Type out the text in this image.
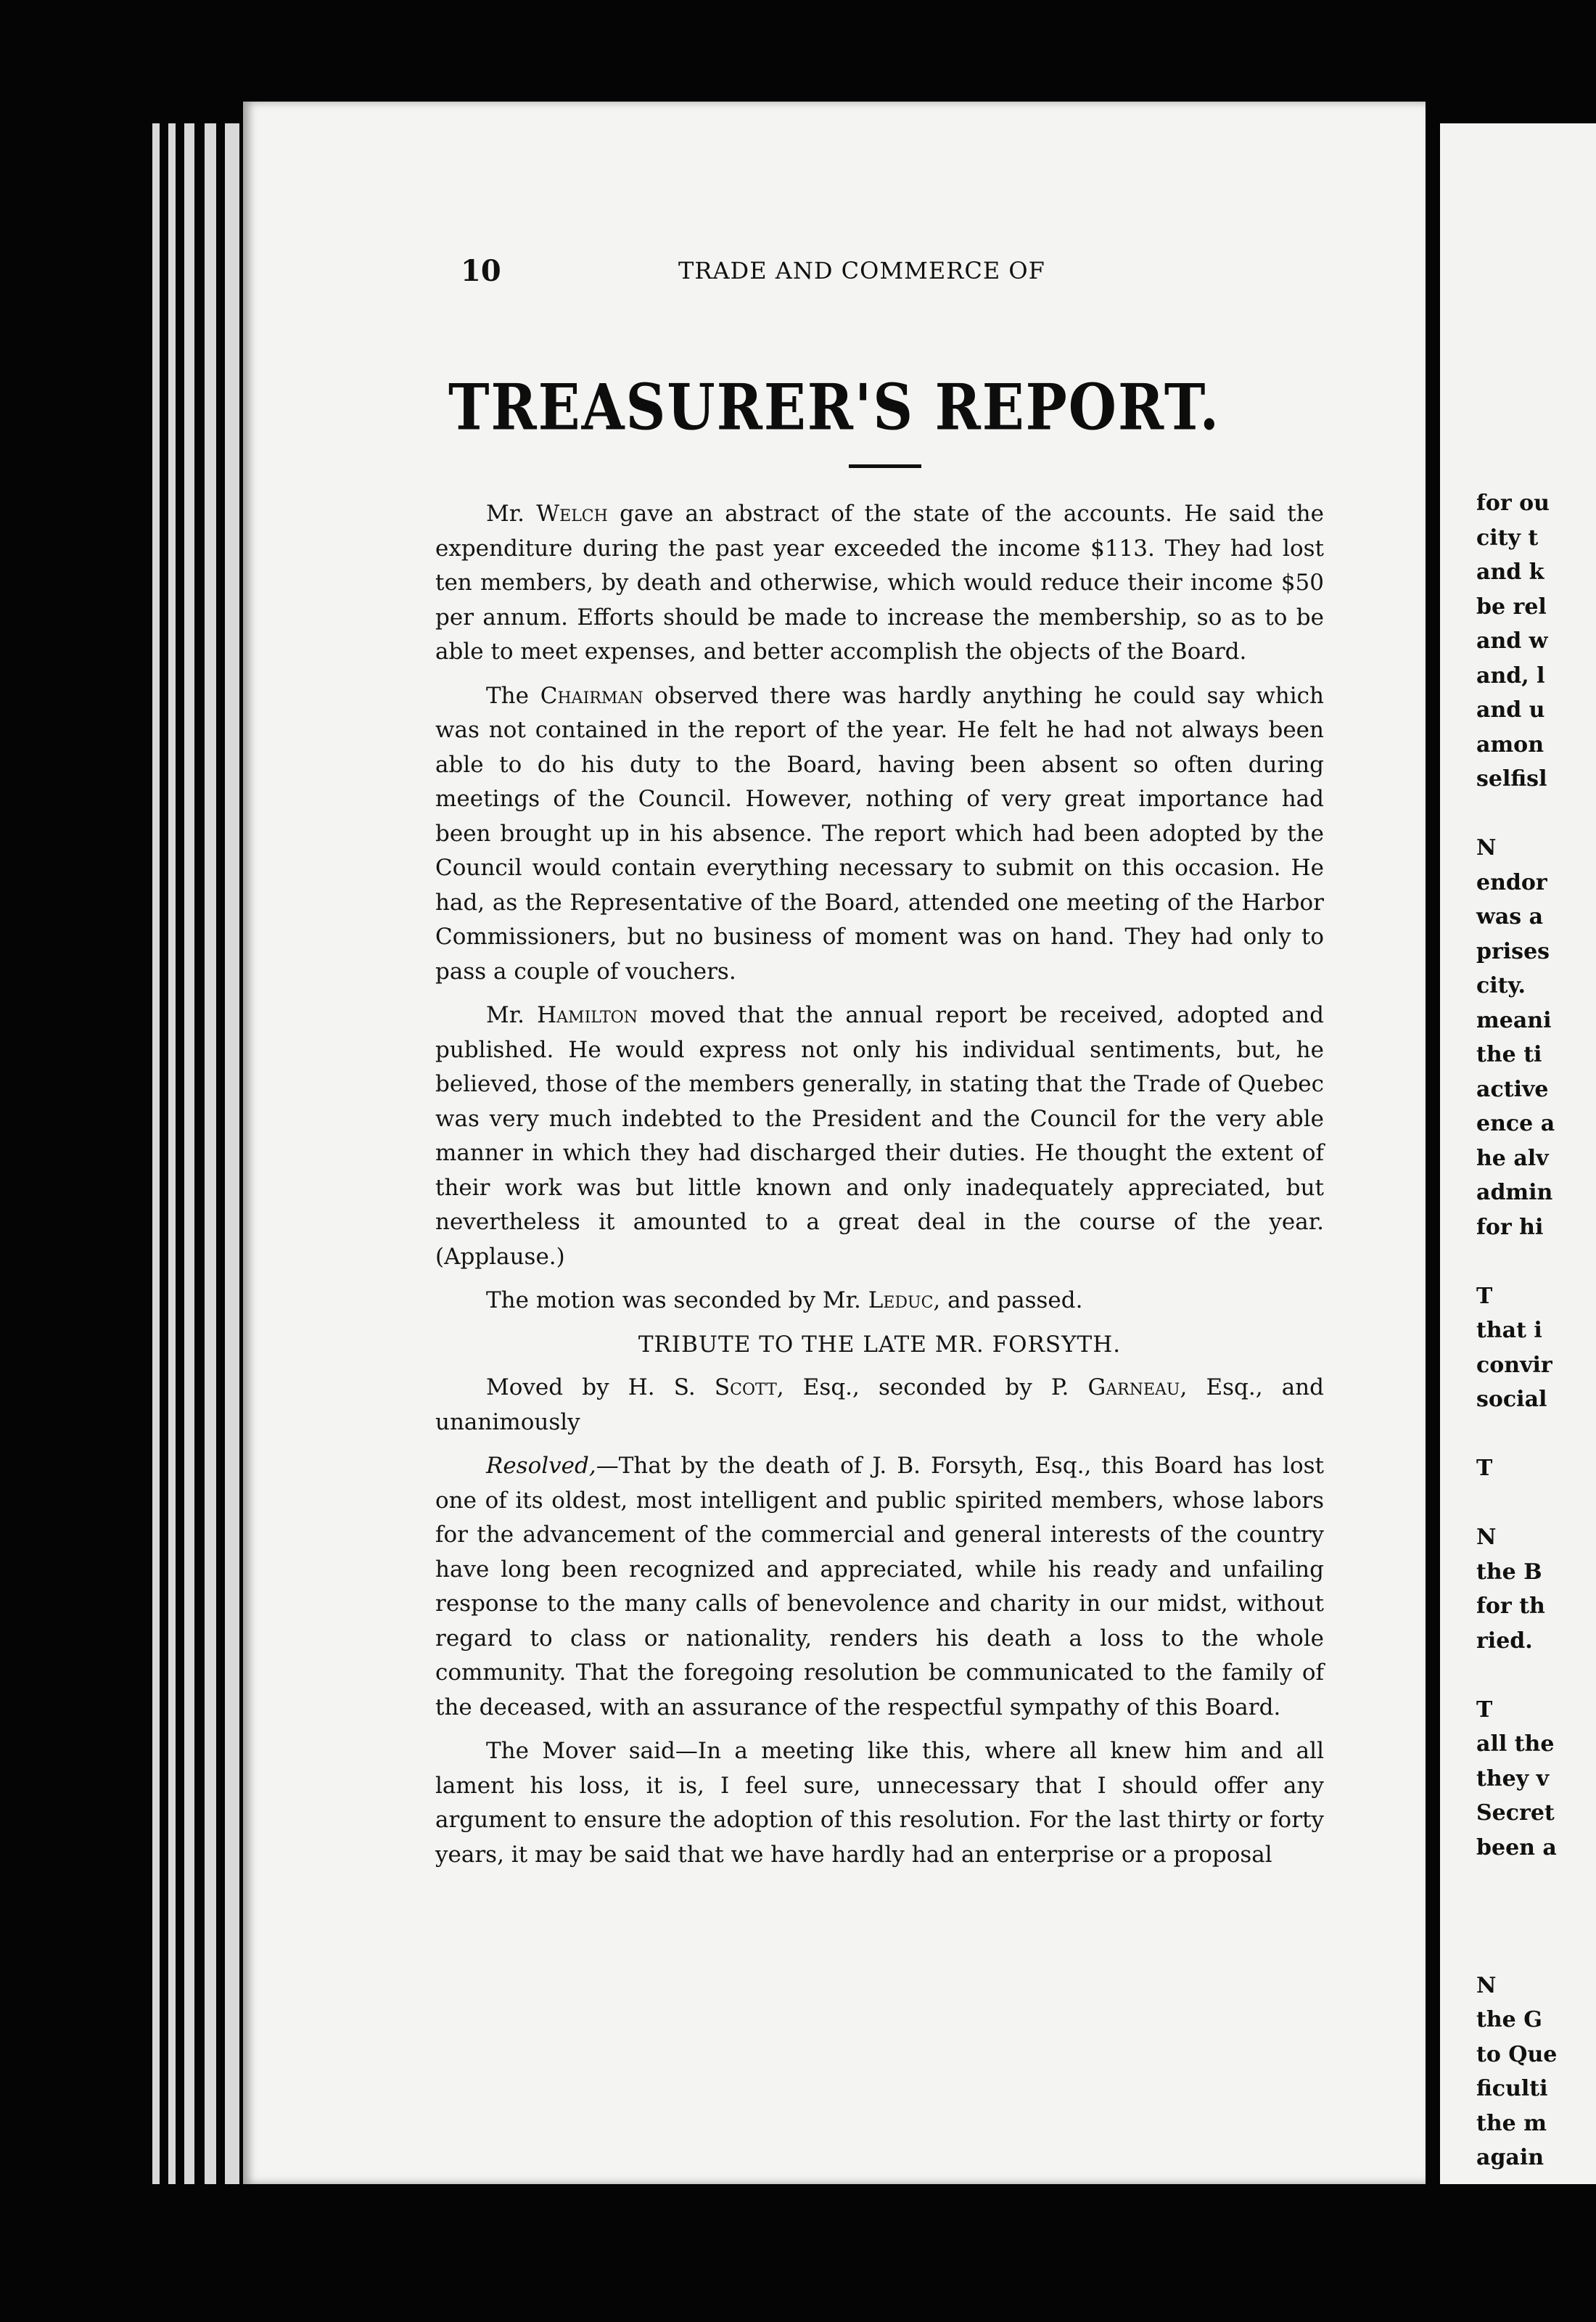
10	TRADE AND COMMERCE OF
TREASURER'S REPORT.

Mr. Welch gave an abstract of the state of the accounts. He said the expenditure during the past year exceeded the income $113. They had lost ten members, by death and otherwise, which would reduce their income $50 per annum. Efforts should be made to increase the membership, so as to be able to meet expenses, and better accomplish the objects of the Board.

The Chairman observed there was hardly anything he could say which was not contained in the report of the year. He felt he had not always been able to do his duty to the Board, having been absent so often during meetings of the Council. However, nothing of very great importance had been brought up in his absence. The report which had been adopted by the Council would contain everything necessary to submit on this occasion. He had, as the Representative of the Board, attended one meeting of the Harbor Commissioners, but no business of moment was on hand. They had only to pass a couple of vouchers.

Mr. Hamilton moved that the annual report be received, adopted and published. He would express not only his individual sentiments, but, he believed, those of the members generally, in stating that the Trade of Quebec was very much indebted to the President and the Council for the very able manner in which they had discharged their duties. He thought the extent of their work was but little known and only inadequately appreciated, but nevertheless it amounted to a great deal in the course of the year. (Applause.)

The motion was seconded by Mr. Leduc, and passed.

TRIBUTE TO THE LATE MR. FORSYTH.

Moved by H. S. Scott, Esq., seconded by P. Garneau, Esq., and unanimously

Resolved,—That by the death of J. B. Forsyth, Esq., this Board has lost one of its oldest, most intelligent and public spirited members, whose labors for the advancement of the commercial and general interests of the country have long been recognized and appreciated, while his ready and unfailing response to the many calls of benevolence and charity in our midst, without regard to class or nationality, renders his death a loss to the whole community. That the foregoing resolution be communicated to the family of the deceased, with an assurance of the respectful sympathy of this Board.

The Mover said—In a meeting like this, where all knew him and all lament his loss, it is, I feel sure, unnecessary that I should offer any argument to ensure the adoption of this resolution. For the last thirty or forty years, it may be said that we have hardly had an enterprise or a proposal

for ou
city t
and k
be rel
and w
and, l
and u
amon
selfisl
N
endor
was a
prises
city.
meani
the ti
active
ence a
he alv
admin
for hi
T
that i
convir
social
T
N
the B
for th
ried.
T
all the
they v
Secret
been a
N
the G
to Que
ficulti
the m
again
